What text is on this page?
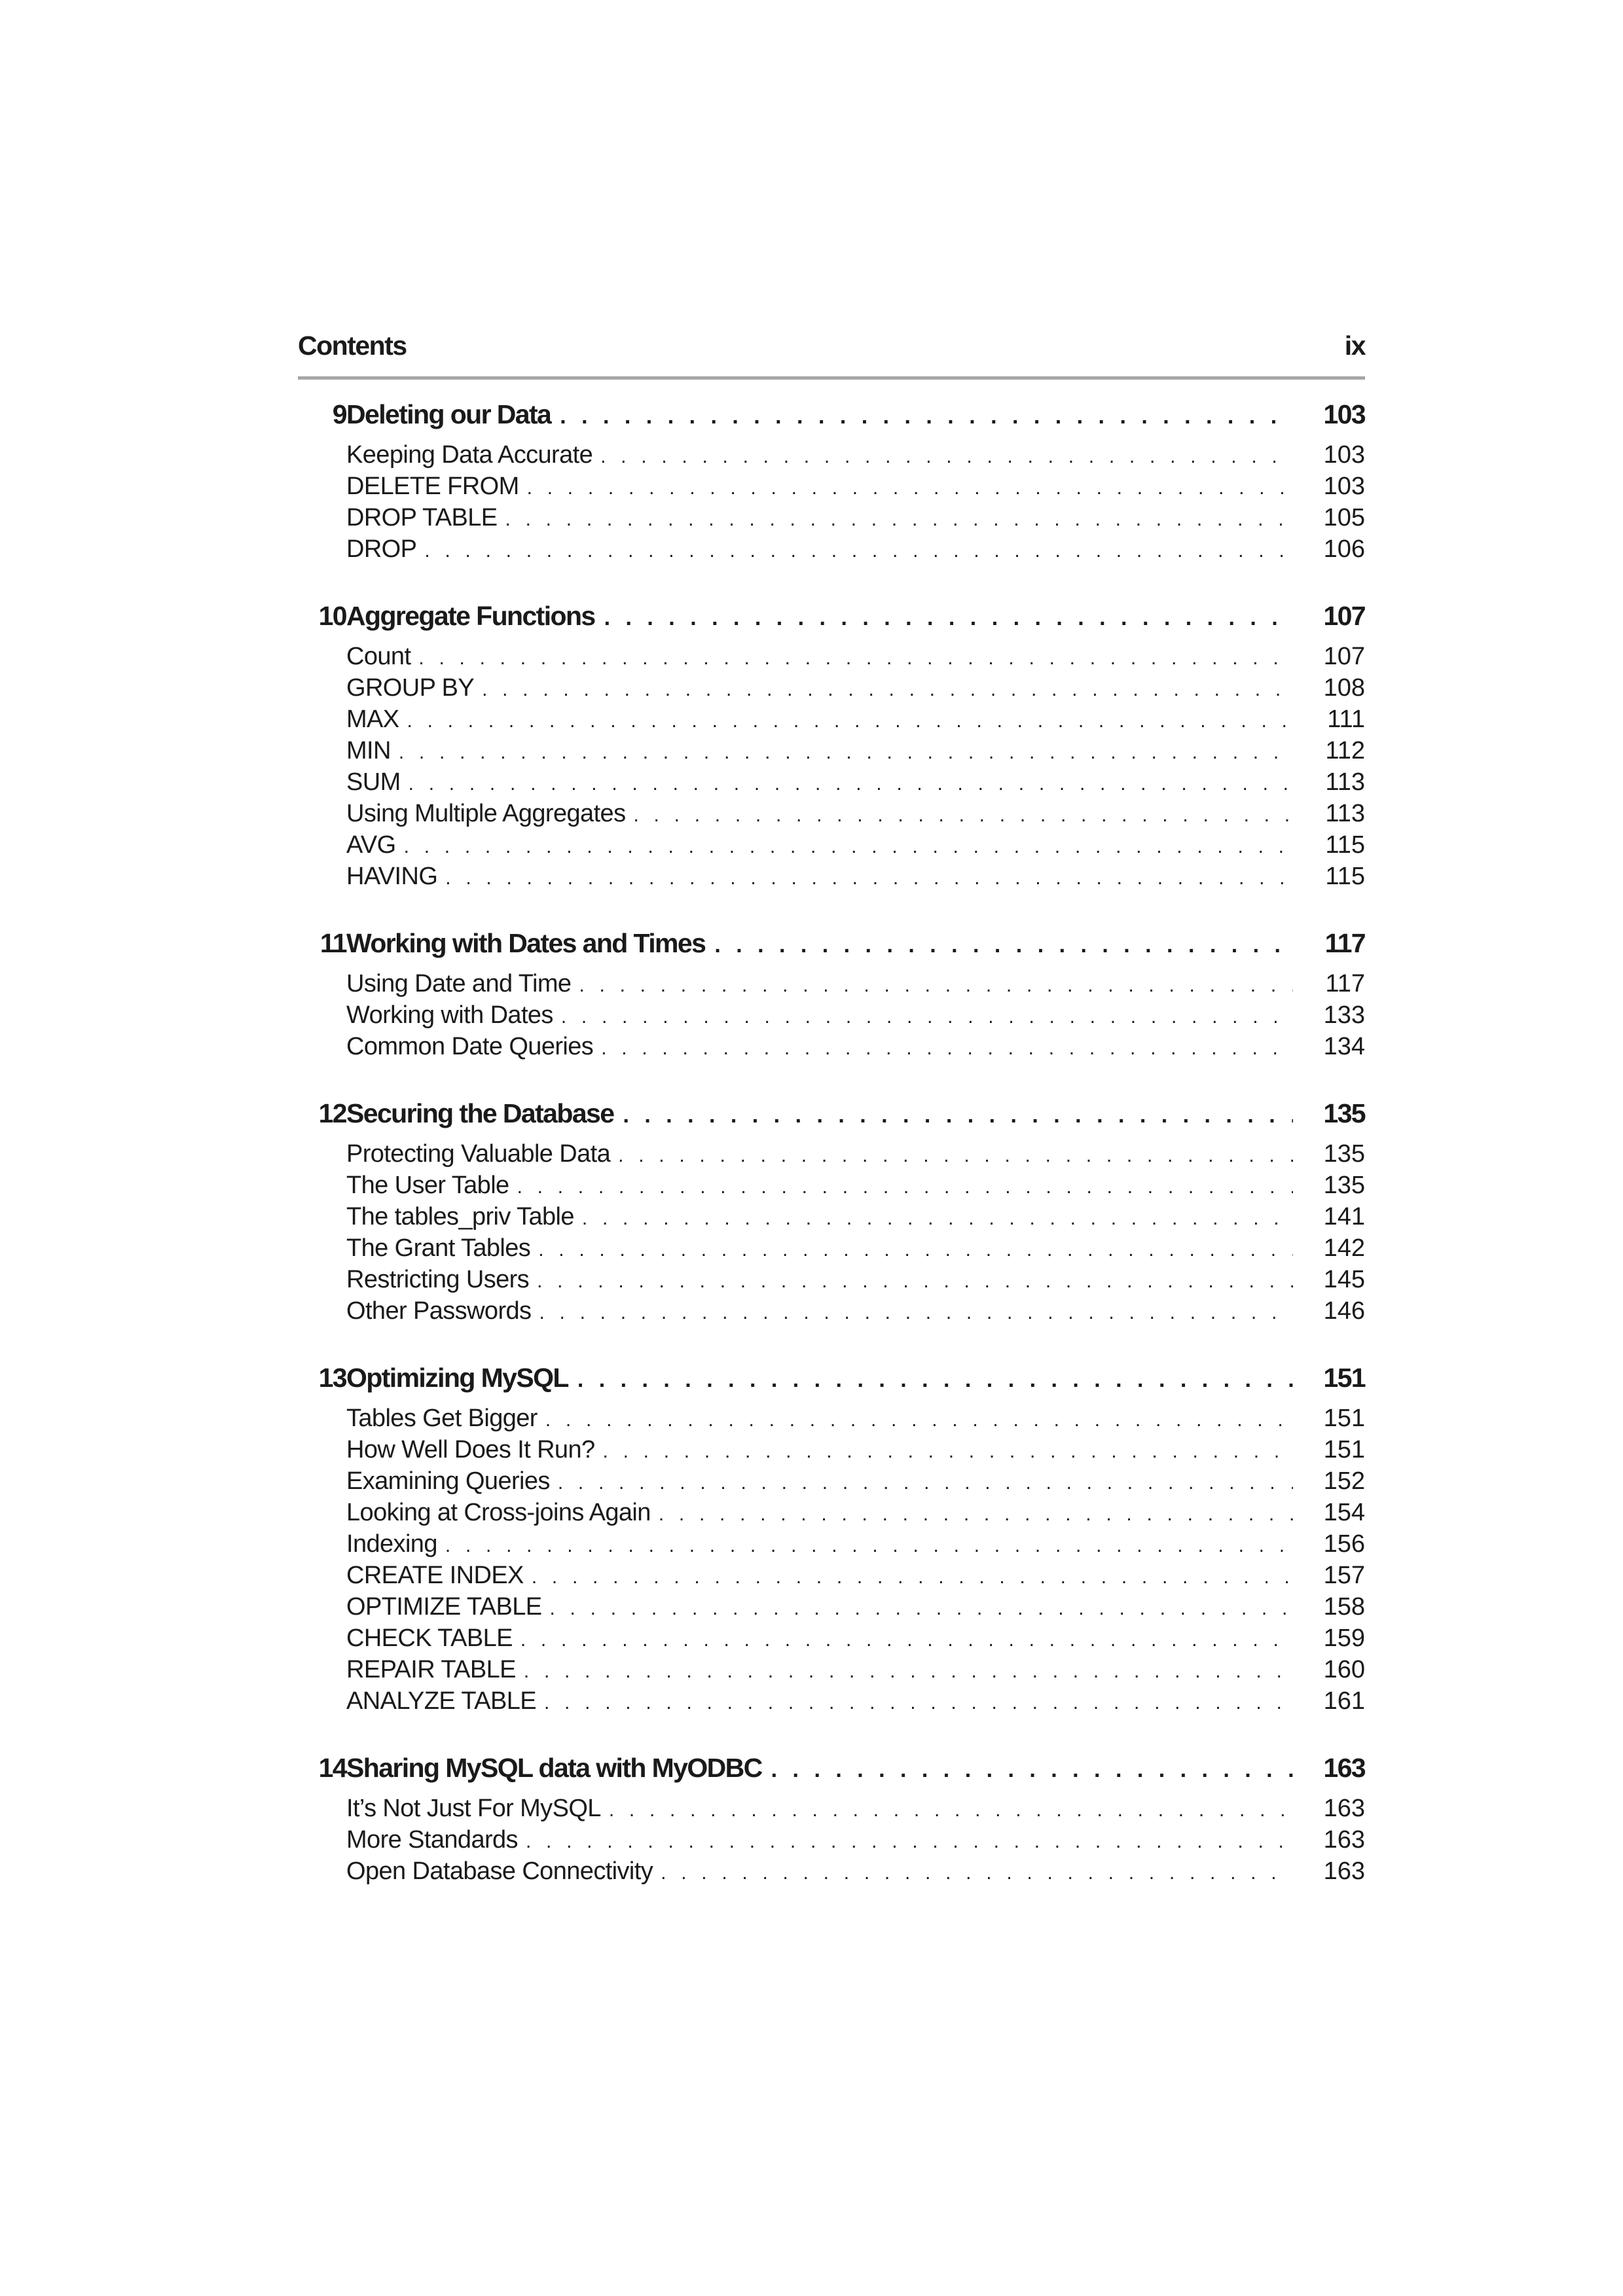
Contents	ix
9 Deleting our Data . . .	103
Keeping Data Accurate . . .	103
DELETE FROM . . .	103
DROP TABLE . . .	105
DROP . . .	106
10 Aggregate Functions . . .	107
Count . . .	107
GROUP BY . . .	108
MAX . . .	111
MIN . . .	112
SUM . . .	113
Using Multiple Aggregates . . .	113
AVG . . .	115
HAVING . . .	115
11 Working with Dates and Times . . .	117
Using Date and Time . . .	117
Working with Dates . . .	133
Common Date Queries . . .	134
12 Securing the Database . . .	135
Protecting Valuable Data . . .	135
The User Table . . .	135
The tables_priv Table . . .	141
The Grant Tables . . .	142
Restricting Users . . .	145
Other Passwords . . .	146
13 Optimizing MySQL . . .	151
Tables Get Bigger . . .	151
How Well Does It Run? . . .	151
Examining Queries . . .	152
Looking at Cross-joins Again . . .	154
Indexing . . .	156
CREATE INDEX . . .	157
OPTIMIZE TABLE . . .	158
CHECK TABLE . . .	159
REPAIR TABLE . . .	160
ANALYZE TABLE . . .	161
14 Sharing MySQL data with MyODBC . . .	163
It’s Not Just For MySQL . . .	163
More Standards . . .	163
Open Database Connectivity . . .	163
